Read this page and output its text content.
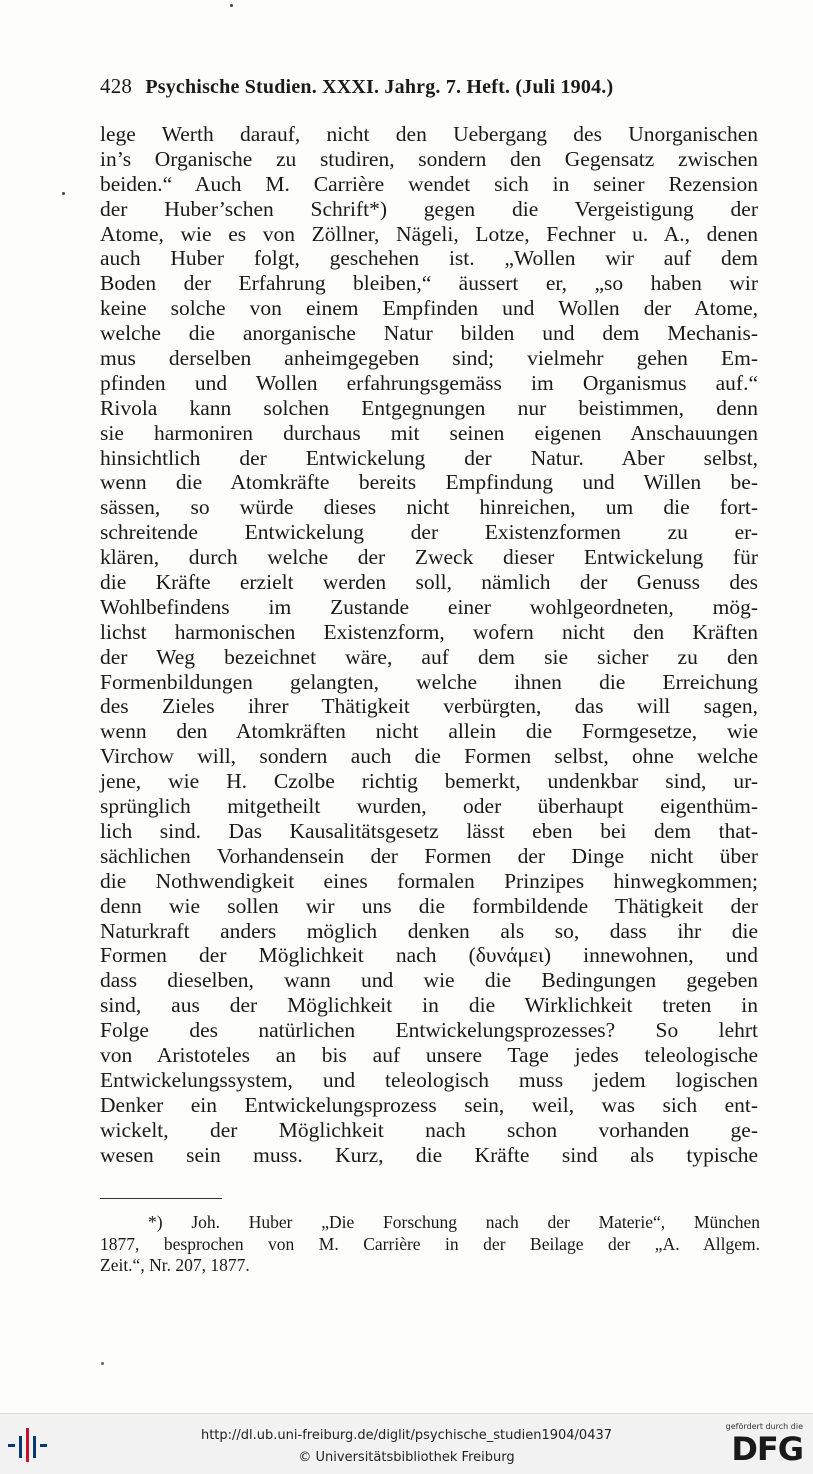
428 Psychische Studien. XXXI. Jahrg. 7. Heft. (Juli 1904.)
lege Werth darauf, nicht den Uebergang des Unorganischen
in’s Organische zu studiren, sondern den Gegensatz zwischen
beiden.“ Auch M. Carrière wendet sich in seiner Rezension
der Huber’schen Schrift*) gegen die Vergeistigung der
Atome, wie es von Zöllner, Nägeli, Lotze, Fechner u. A., denen
auch Huber folgt, geschehen ist. „Wollen wir auf dem
Boden der Erfahrung bleiben,“ äussert er, „so haben wir
keine solche von einem Empfinden und Wollen der Atome,
welche die anorganische Natur bilden und dem Mechanis-
mus derselben anheimgegeben sind; vielmehr gehen Em-
pfinden und Wollen erfahrungsgemäss im Organismus auf.“
Rivola kann solchen Entgegnungen nur beistimmen, denn
sie harmoniren durchaus mit seinen eigenen Anschauungen
hinsichtlich der Entwickelung der Natur. Aber selbst,
wenn die Atomkräfte bereits Empfindung und Willen be-
sässen, so würde dieses nicht hinreichen, um die fort-
schreitende Entwickelung der Existenzformen zu er-
klären, durch welche der Zweck dieser Entwickelung für
die Kräfte erzielt werden soll, nämlich der Genuss des
Wohlbefindens im Zustande einer wohlgeordneten, mög-
lichst harmonischen Existenzform, wofern nicht den Kräften
der Weg bezeichnet wäre, auf dem sie sicher zu den
Formenbildungen gelangten, welche ihnen die Erreichung
des Zieles ihrer Thätigkeit verbürgten, das will sagen,
wenn den Atomkräften nicht allein die Formgesetze, wie
Virchow will, sondern auch die Formen selbst, ohne welche
jene, wie H. Czolbe richtig bemerkt, undenkbar sind, ur-
sprünglich mitgetheilt wurden, oder überhaupt eigenthüm-
lich sind. Das Kausalitätsgesetz lässt eben bei dem that-
sächlichen Vorhandensein der Formen der Dinge nicht über
die Nothwendigkeit eines formalen Prinzipes hinwegkommen;
denn wie sollen wir uns die formbildende Thätigkeit der
Naturkraft anders möglich denken als so, dass ihr die
Formen der Möglichkeit nach (δυνάμει) innewohnen, und
dass dieselben, wann und wie die Bedingungen gegeben
sind, aus der Möglichkeit in die Wirklichkeit treten in
Folge des natürlichen Entwickelungsprozesses? So lehrt
von Aristoteles an bis auf unsere Tage jedes teleologische
Entwickelungssystem, und teleologisch muss jedem logischen
Denker ein Entwickelungsprozess sein, weil, was sich ent-
wickelt, der Möglichkeit nach schon vorhanden ge-
wesen sein muss. Kurz, die Kräfte sind als typische
*) Joh. Huber „Die Forschung nach der Materie“, München
1877, besprochen von M. Carrière in der Beilage der „A. Allgem.
Zeit.“, Nr. 207, 1877.
http://dl.ub.uni-freiburg.de/diglit/psychische_studien1904/0437
© Universitätsbibliothek Freiburg
gefördert durch die
DFG
